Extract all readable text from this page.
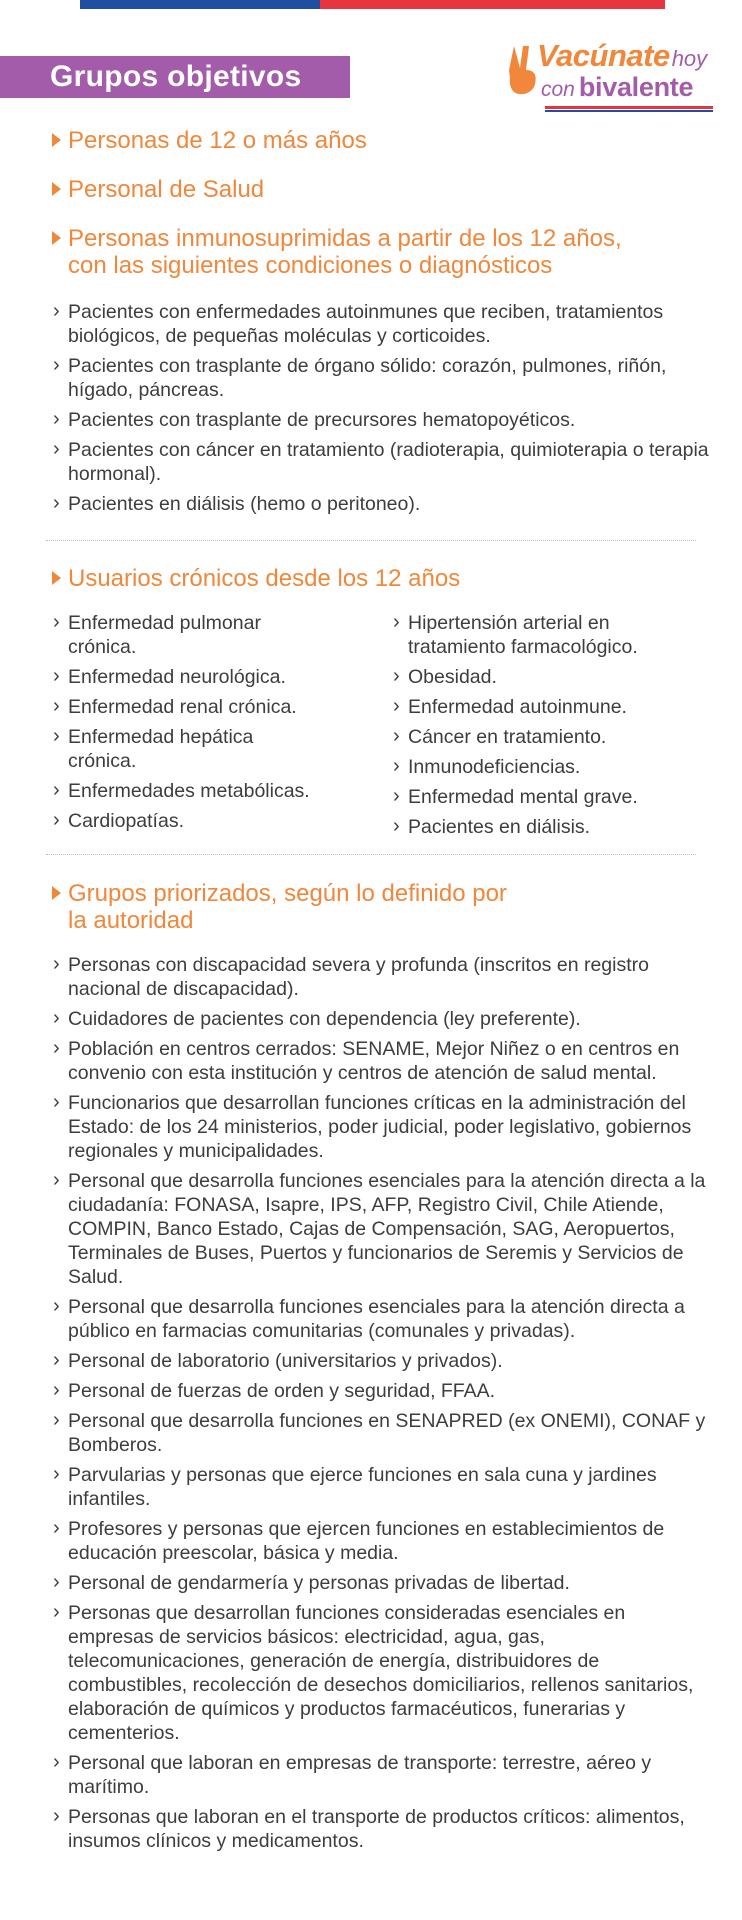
Grupos objetivos
Vacúnatehoy
con bivalente
Personas de 12 o más años
Personal de Salud
Personas inmunosuprimidas a partir de los 12 años,
con las siguientes condiciones o diagnósticos
› Pacientes con enfermedades autoinmunes que reciben, tratamientos biológicos, de pequeñas moléculas y corticoides.
› Pacientes con trasplante de órgano sólido: corazón, pulmones, riñón, hígado, páncreas.
› Pacientes con trasplante de precursores hematopoyéticos.
› Pacientes con cáncer en tratamiento (radioterapia, quimioterapia o terapia hormonal).
› Pacientes en diálisis (hemo o peritoneo).
Usuarios crónicos desde los 12 años
› Enfermedad pulmonar crónica.
› Enfermedad neurológica.
› Enfermedad renal crónica.
› Enfermedad hepática crónica.
› Enfermedades metabólicas.
› Cardiopatías.
› Hipertensión arterial en tratamiento farmacológico.
› Obesidad.
› Enfermedad autoinmune.
› Cáncer en tratamiento.
› Inmunodeficiencias.
› Enfermedad mental grave.
› Pacientes en diálisis.
Grupos priorizados, según lo definido por
la autoridad
› Personas con discapacidad severa y profunda (inscritos en registro nacional de discapacidad).
› Cuidadores de pacientes con dependencia (ley preferente).
› Población en centros cerrados: SENAME, Mejor Niñez o en centros en convenio con esta institución y centros de atención de salud mental.
› Funcionarios que desarrollan funciones críticas en la administración del Estado: de los 24 ministerios, poder judicial, poder legislativo, gobiernos regionales y municipalidades.
› Personal que desarrolla funciones esenciales para la atención directa a la ciudadanía: FONASA, Isapre, IPS, AFP, Registro Civil, Chile Atiende, COMPIN, Banco Estado, Cajas de Compensación, SAG, Aeropuertos, Terminales de Buses, Puertos y funcionarios de Seremis y Servicios de Salud.
› Personal que desarrolla funciones esenciales para la atención directa a público en farmacias comunitarias (comunales y privadas).
› Personal de laboratorio (universitarios y privados).
› Personal de fuerzas de orden y seguridad, FFAA.
› Personal que desarrolla funciones en SENAPRED (ex ONEMI), CONAF y Bomberos.
› Parvularias y personas que ejerce funciones en sala cuna y jardines infantiles.
› Profesores y personas que ejercen funciones en establecimientos de educación preescolar, básica y media.
› Personal de gendarmería y personas privadas de libertad.
› Personas que desarrollan funciones consideradas esenciales en empresas de servicios básicos: electricidad, agua, gas, telecomunicaciones, generación de energía, distribuidores de combustibles, recolección de desechos domiciliarios, rellenos sanitarios, elaboración de químicos y productos farmacéuticos, funerarias y cementerios.
› Personal que laboran en empresas de transporte: terrestre, aéreo y marítimo.
› Personas que laboran en el transporte de productos críticos: alimentos, insumos clínicos y medicamentos.
